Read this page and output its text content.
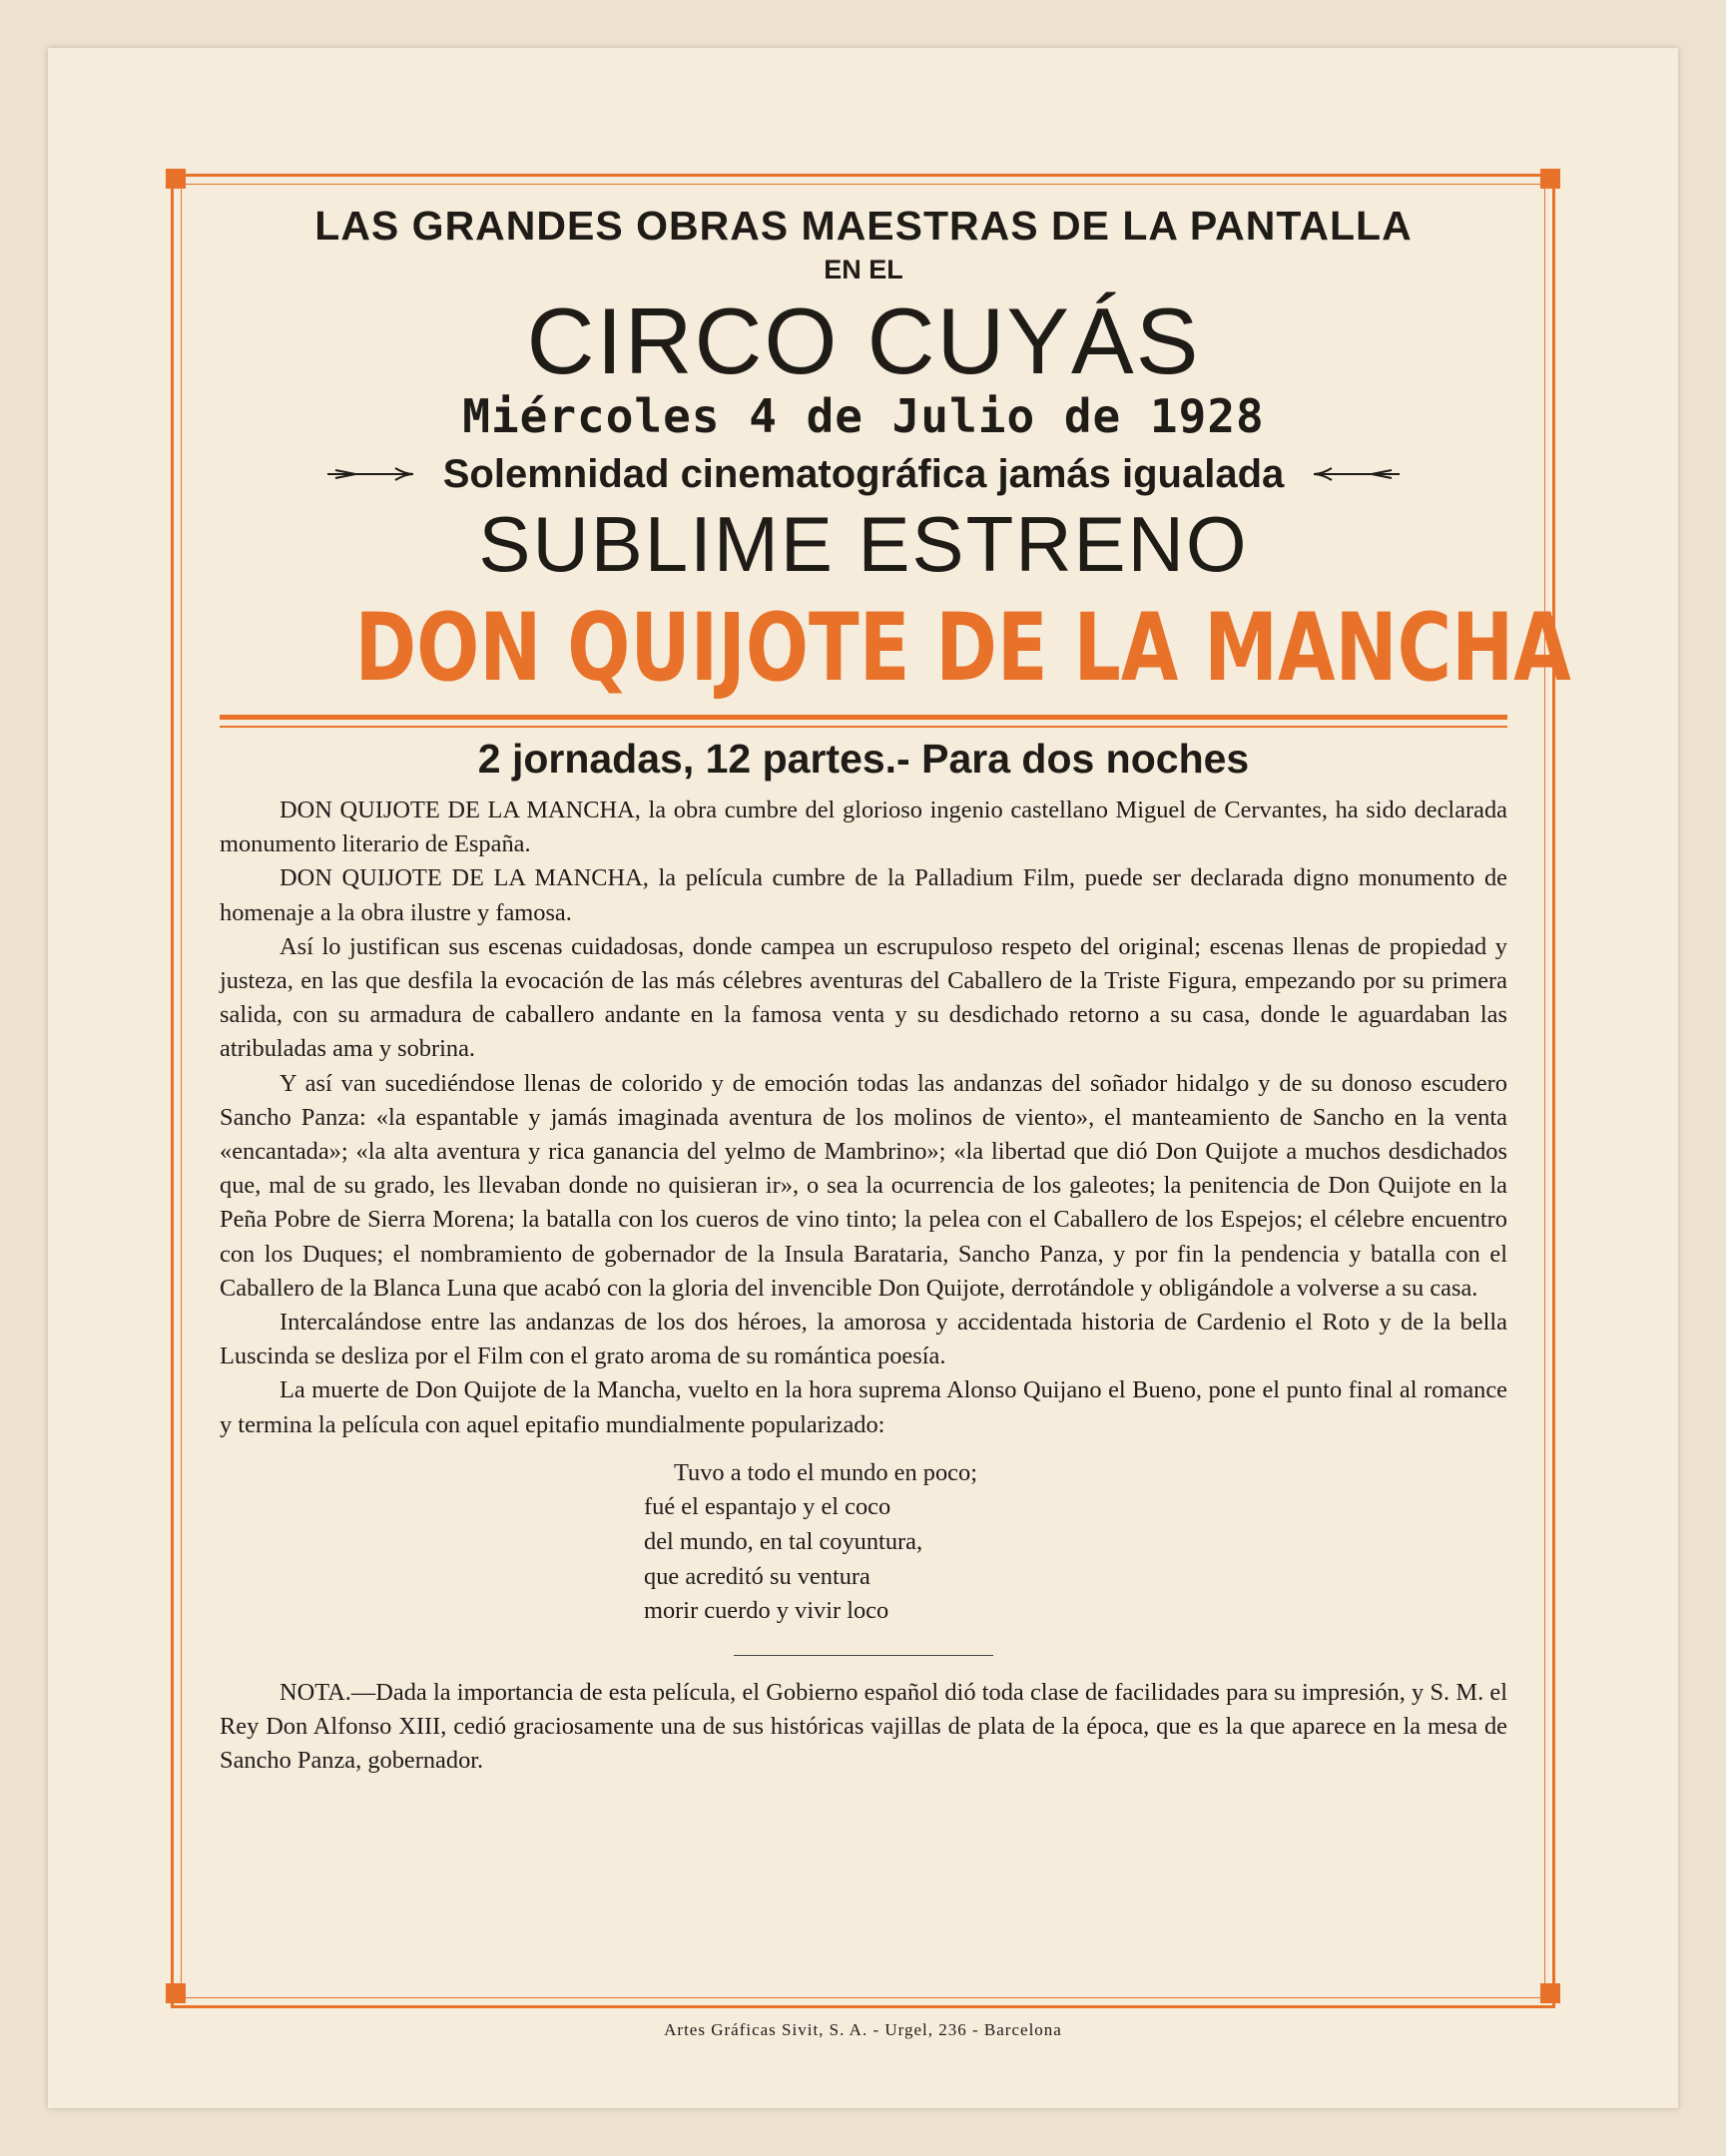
LAS GRANDES OBRAS MAESTRAS DE LA PANTALLA
EN EL
CIRCO CUYÁS
Miércoles 4 de Julio de 1928
Solemnidad cinematográfica jamás igualada
SUBLIME ESTRENO
DON QUIJOTE DE LA MANCHA
2 jornadas, 12 partes.- Para dos noches

DON QUIJOTE DE LA MANCHA, la obra cumbre del glorioso ingenio castellano Miguel de Cervantes, ha sido declarada monumento literario de España.

DON QUIJOTE DE LA MANCHA, la película cumbre de la Palladium Film, puede ser declarada digno monumento de homenaje a la obra ilustre y famosa.

Así lo justifican sus escenas cuidadosas, donde campea un escrupuloso respeto del original; escenas llenas de propiedad y justeza, en las que desfila la evocación de las más célebres aventuras del Caballero de la Triste Figura, empezando por su primera salida, con su armadura de caballero andante en la famosa venta y su desdichado retorno a su casa, donde le aguardaban las atribuladas ama y sobrina.

Y así van sucediéndose llenas de colorido y de emoción todas las andanzas del soñador hidalgo y de su donoso escudero Sancho Panza: «la espantable y jamás imaginada aventura de los molinos de viento», el manteamiento de Sancho en la venta «encantada»; «la alta aventura y rica ganancia del yelmo de Mambrino»; «la libertad que dió Don Quijote a muchos desdichados que, mal de su grado, les llevaban donde no quisieran ir», o sea la ocurrencia de los galeotes; la penitencia de Don Quijote en la Peña Pobre de Sierra Morena; la batalla con los cueros de vino tinto; la pelea con el Caballero de los Espejos; el célebre encuentro con los Duques; el nombramiento de gobernador de la Insula Barataria, Sancho Panza, y por fin la pendencia y batalla con el Caballero de la Blanca Luna que acabó con la gloria del invencible Don Quijote, derrotándole y obligándole a volverse a su casa.

Intercalándose entre las andanzas de los dos héroes, la amorosa y accidentada historia de Cardenio el Roto y de la bella Luscinda se desliza por el Film con el grato aroma de su romántica poesía.

La muerte de Don Quijote de la Mancha, vuelto en la hora suprema Alonso Quijano el Bueno, pone el punto final al romance y termina la película con aquel epitafio mundialmente popularizado:

Tuvo a todo el mundo en poco;
fué el espantajo y el coco
del mundo, en tal coyuntura,
que acreditó su ventura
morir cuerdo y vivir loco

NOTA.—Dada la importancia de esta película, el Gobierno español dió toda clase de facilidades para su impresión, y S. M. el Rey Don Alfonso XIII, cedió graciosamente una de sus históricas vajillas de plata de la época, que es la que aparece en la mesa de Sancho Panza, gobernador.

Artes Gráficas Sivit, S. A. - Urgel, 236 - Barcelona
